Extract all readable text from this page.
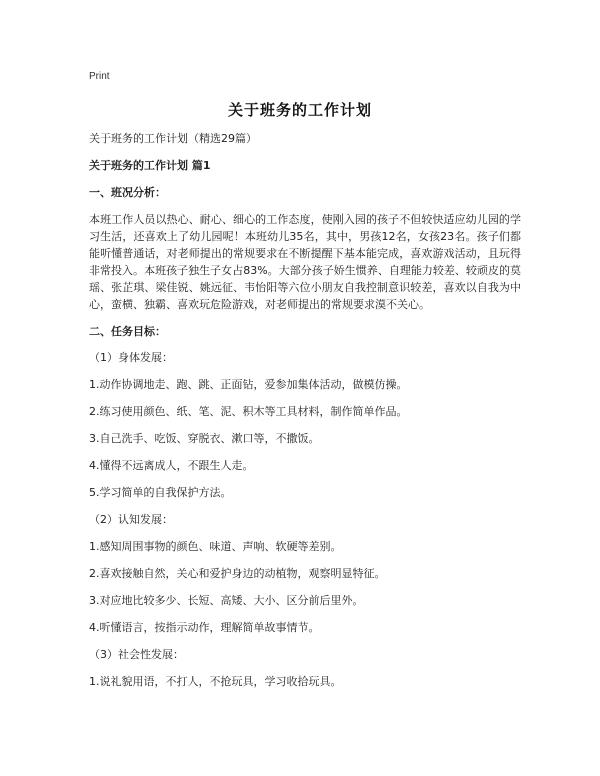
Print
关于班务的工作计划

关于班务的工作计划（精选29篇）

关于班务的工作计划 篇1

一、班况分析：

本班工作人员以热心、耐心、细心的工作态度，使刚入园的孩子不但较快适应幼儿园的学习生活，还喜欢上了幼儿园呢！本班幼儿35名，其中，男孩12名，女孩23名。孩子们都能听懂普通话，对老师提出的常规要求在不断提醒下基本能完成，喜欢游戏活动，且玩得非常投入。本班孩子独生子女占83%。大部分孩子娇生惯养、自理能力较差、较顽皮的莫瑶、张芷琪、梁佳锐、姚远征、韦怡阳等六位小朋友自我控制意识较差，喜欢以自我为中心，蛮横、独霸、喜欢玩危险游戏，对老师提出的常规要求漠不关心。

二、任务目标：

（1）身体发展：

1.动作协调地走、跑、跳、正面钻，爱参加集体活动，做模仿操。

2.练习使用颜色、纸、笔、泥、积木等工具材料，制作简单作品。

3.自己洗手、吃饭、穿脱衣、漱口等，不撒饭。

4.懂得不远离成人，不跟生人走。

5.学习简单的自我保护方法。

（2）认知发展：

1.感知周围事物的颜色、味道、声响、软硬等差别。

2.喜欢接触自然，关心和爱护身边的动植物，观察明显特征。

3.对应地比较多少、长短、高矮、大小、区分前后里外。

4.听懂语言，按指示动作，理解简单故事情节。

（3）社会性发展：

1.说礼貌用语，不打人，不抢玩具，学习收拾玩具。
